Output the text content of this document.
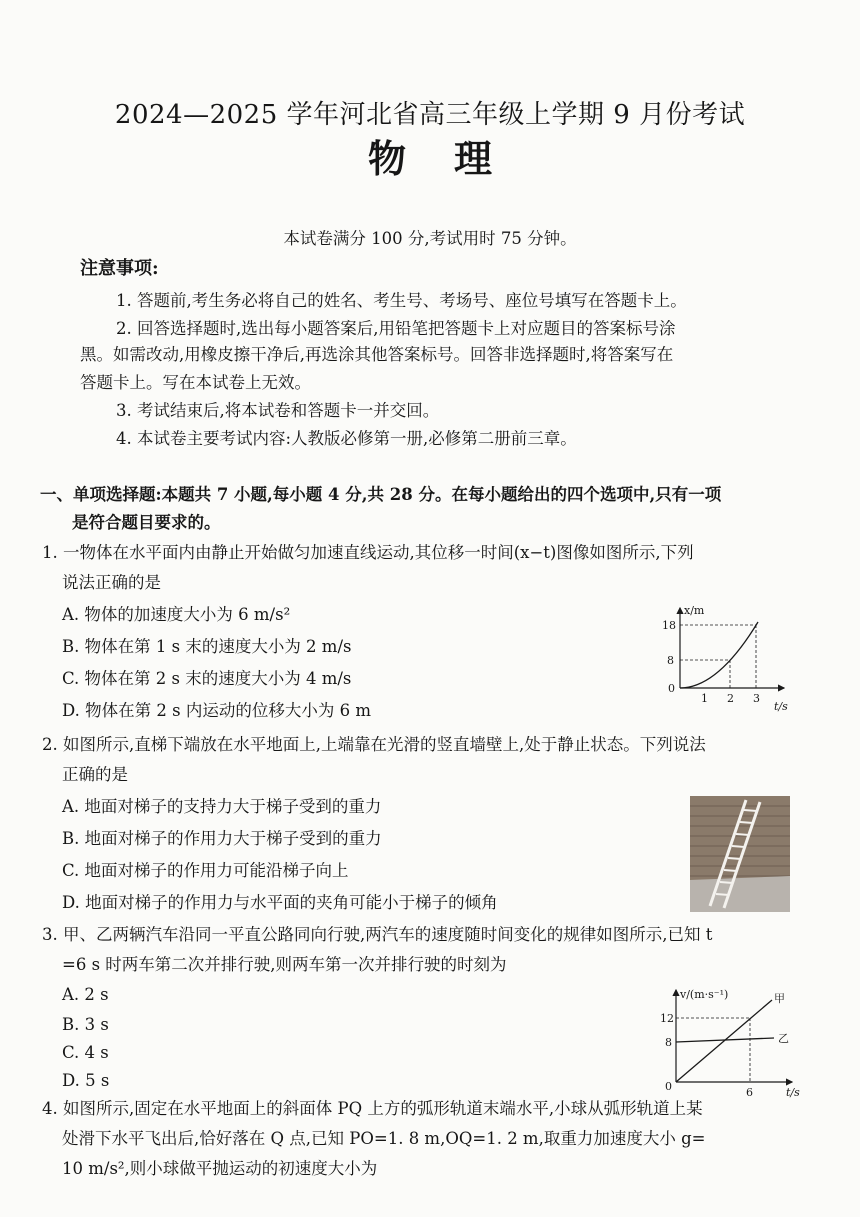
2024—2025 学年河北省高三年级上学期 9 月份考试
物理
本试卷满分 100 分,考试用时 75 分钟。
注意事项:
1. 答题前,考生务必将自己的姓名、考生号、考场号、座位号填写在答题卡上。
2. 回答选择题时,选出每小题答案后,用铅笔把答题卡上对应题目的答案标号涂
黑。如需改动,用橡皮擦干净后,再选涂其他答案标号。回答非选择题时,将答案写在
答题卡上。写在本试卷上无效。
3. 考试结束后,将本试卷和答题卡一并交回。
4. 本试卷主要考试内容:人教版必修第一册,必修第二册前三章。
一、单项选择题:本题共 7 小题,每小题 4 分,共 28 分。在每小题给出的四个选项中,只有一项
是符合题目要求的。
1. 一物体在水平面内由静止开始做匀加速直线运动,其位移一时间(x−t)图像如图所示,下列
说法正确的是
A. 物体的加速度大小为 6 m/s²
B. 物体在第 1 s 末的速度大小为 2 m/s
C. 物体在第 2 s 末的速度大小为 4 m/s
D. 物体在第 2 s 内运动的位移大小为 6 m
x/m
18
8
0
1 2 3
t/s
2. 如图所示,直梯下端放在水平地面上,上端靠在光滑的竖直墙壁上,处于静止状态。下列说法
正确的是
A. 地面对梯子的支持力大于梯子受到的重力
B. 地面对梯子的作用力大于梯子受到的重力
C. 地面对梯子的作用力可能沿梯子向上
D. 地面对梯子的作用力与水平面的夹角可能小于梯子的倾角
3. 甲、乙两辆汽车沿同一平直公路同向行驶,两汽车的速度随时间变化的规律如图所示,已知 t
=6 s 时两车第二次并排行驶,则两车第一次并排行驶的时刻为
A. 2 s
B. 3 s
C. 4 s
D. 5 s
v/(m·s⁻¹)	甲
乙
12
8
0	6	t/s
4. 如图所示,固定在水平地面上的斜面体 PQ 上方的弧形轨道末端水平,小球从弧形轨道上某
处滑下水平飞出后,恰好落在 Q 点,已知 PO=1. 8 m,OQ=1. 2 m,取重力加速度大小 g=
10 m/s²,则小球做平抛运动的初速度大小为
